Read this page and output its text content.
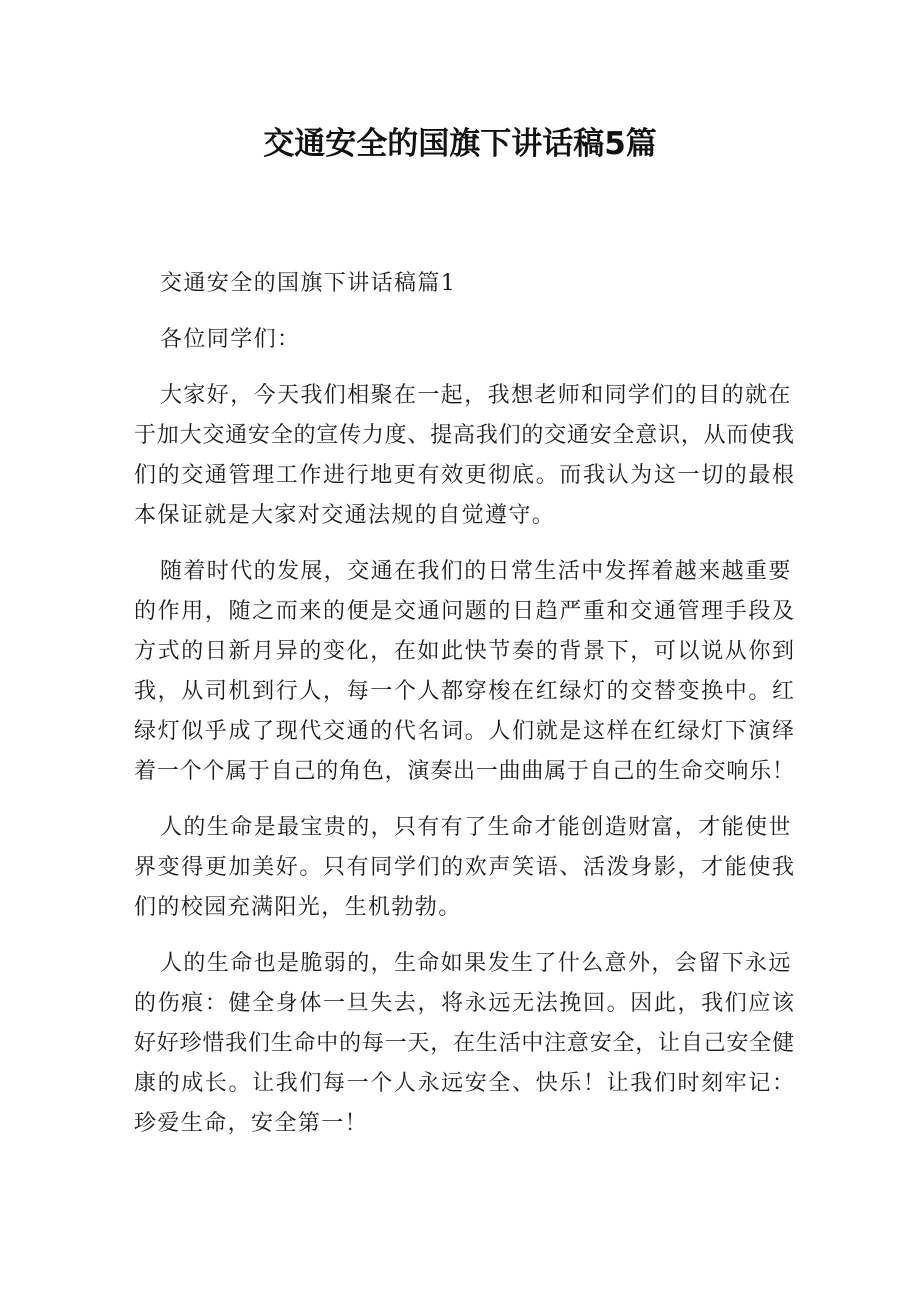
交通安全的国旗下讲话稿5篇
交通安全的国旗下讲话稿篇1
各位同学们：
大家好，今天我们相聚在一起，我想老师和同学们的目的就在
于加大交通安全的宣传力度、提高我们的交通安全意识，从而使我
们的交通管理工作进行地更有效更彻底。而我认为这一切的最根
本保证就是大家对交通法规的自觉遵守。
随着时代的发展，交通在我们的日常生活中发挥着越来越重要
的作用，随之而来的便是交通问题的日趋严重和交通管理手段及
方式的日新月异的变化，在如此快节奏的背景下，可以说从你到
我，从司机到行人，每一个人都穿梭在红绿灯的交替变换中。红
绿灯似乎成了现代交通的代名词。人们就是这样在红绿灯下演绎
着一个个属于自己的角色，演奏出一曲曲属于自己的生命交响乐！
人的生命是最宝贵的，只有有了生命才能创造财富，才能使世
界变得更加美好。只有同学们的欢声笑语、活泼身影，才能使我
们的校园充满阳光，生机勃勃。
人的生命也是脆弱的，生命如果发生了什么意外，会留下永远
的伤痕：健全身体一旦失去，将永远无法挽回。因此，我们应该
好好珍惜我们生命中的每一天，在生活中注意安全，让自己安全健
康的成长。让我们每一个人永远安全、快乐！让我们时刻牢记：
珍爱生命，安全第一！
